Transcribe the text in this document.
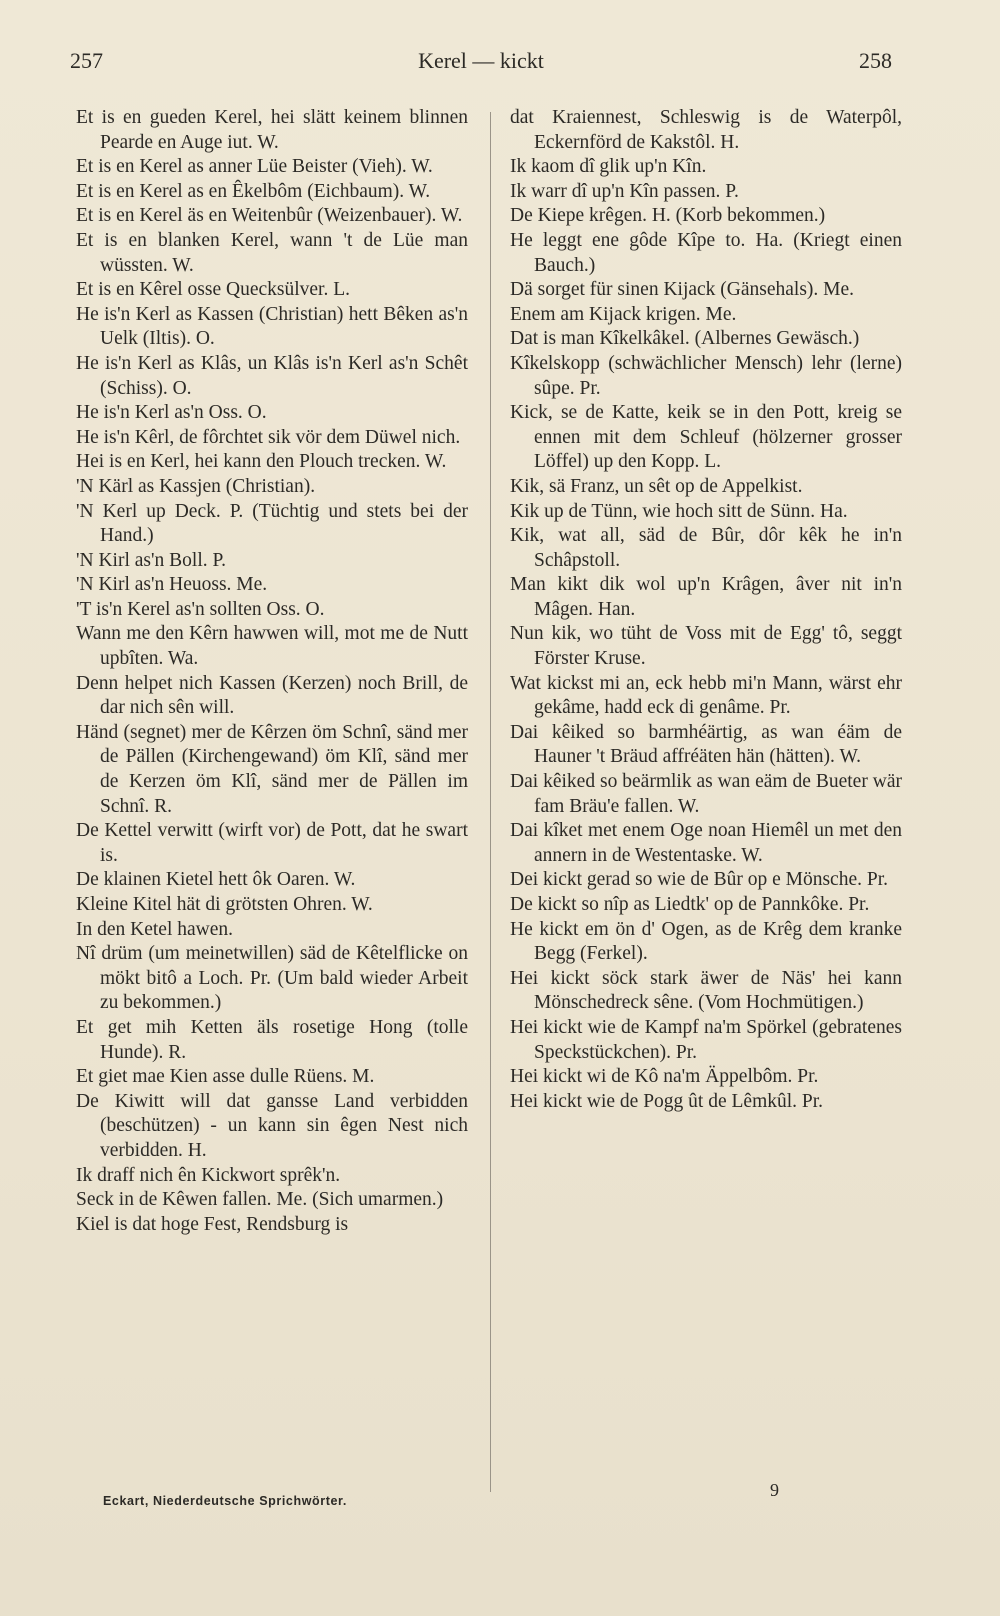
257	Kerel — kickt	258

Et is en gueden Kerel, hei slätt keinem blinnen Pearde en Auge iut. W.

Et is en Kerel as anner Lüe Beister (Vieh). W.

Et is en Kerel as en Êkelbôm (Eichbaum). W.

Et is en Kerel äs en Weitenbûr (Weizenbauer). W.

Et is en blanken Kerel, wann 't de Lüe man wüssten. W.

Et is en Kêrel osse Quecksülver. L.

He is'n Kerl as Kassen (Christian) hett Bêken as'n Uelk (Iltis). O.

He is'n Kerl as Klâs, un Klâs is'n Kerl as'n Schêt (Schiss). O.

He is'n Kerl as'n Oss. O.

He is'n Kêrl, de fôrchtet sik vör dem Düwel nich.

Hei is en Kerl, hei kann den Plouch trecken. W.

'N Kärl as Kassjen (Christian).

'N Kerl up Deck. P. (Tüchtig und stets bei der Hand.)

'N Kirl as'n Boll. P.

'N Kirl as'n Heuoss. Me.

'T is'n Kerel as'n sollten Oss. O.

Wann me den Kêrn hawwen will, mot me de Nutt upbîten. Wa.

Denn helpet nich Kassen (Kerzen) noch Brill, de dar nich sên will.

Händ (segnet) mer de Kêrzen öm Schnî, sänd mer de Pällen (Kirchengewand) öm Klî, sänd mer de Kerzen öm Klî, sänd mer de Pällen im Schnî. R.

De Kettel verwitt (wirft vor) de Pott, dat he swart is.

De klainen Kietel hett ôk Oaren. W.

Kleine Kitel hät di grötsten Ohren. W.

In den Ketel hawen.

Nî drüm (um meinetwillen) säd de Kêtelflicke on mökt bitô a Loch. Pr. (Um bald wieder Arbeit zu bekommen.)

Et get mih Ketten äls rosetige Hong (tolle Hunde). R.

Et giet mae Kien asse dulle Rüens. M.

De Kiwitt will dat gansse Land verbidden (beschützen) - un kann sin êgen Nest nich verbidden. H.

Ik draff nich ên Kickwort sprêk'n.

Seck in de Kêwen fallen. Me. (Sich umarmen.)

Kiel is dat hoge Fest, Rendsburg is

dat Kraiennest, Schleswig is de Waterpôl, Eckernförd de Kakstôl. H.

Ik kaom dî glik up'n Kîn.

Ik warr dî up'n Kîn passen. P.

De Kiepe krêgen. H. (Korb bekommen.)

He leggt ene gôde Kîpe to. Ha. (Kriegt einen Bauch.)

Dä sorget für sinen Kijack (Gänsehals). Me.

Enem am Kijack krigen. Me.

Dat is man Kîkelkâkel. (Albernes Gewäsch.)

Kîkelskopp (schwächlicher Mensch) lehr (lerne) sûpe. Pr.

Kick, se de Katte, keik se in den Pott, kreig se ennen mit dem Schleuf (hölzerner grosser Löffel) up den Kopp. L.

Kik, sä Franz, un sêt op de Appelkist.

Kik up de Tünn, wie hoch sitt de Sünn. Ha.

Kik, wat all, säd de Bûr, dôr kêk he in'n Schâpstoll.

Man kikt dik wol up'n Krâgen, âver nit in'n Mâgen. Han.

Nun kik, wo tüht de Voss mit de Egg' tô, seggt Förster Kruse.

Wat kickst mi an, eck hebb mi'n Mann, wärst ehr gekâme, hadd eck di genâme. Pr.

Dai kêiked so barmhéärtig, as wan éäm de Hauner 't Bräud affréäten hän (hätten). W.

Dai kêiked so beärmlik as wan eäm de Bueter wär fam Bräu'e fallen. W.

Dai kîket met enem Oge noan Hiemêl un met den annern in de Westentaske. W.

Dei kickt gerad so wie de Bûr op e Mönsche. Pr.

De kickt so nîp as Liedtk' op de Pannkôke. Pr.

He kickt em ön d' Ogen, as de Krêg dem kranke Begg (Ferkel).

Hei kickt söck stark äwer de Näs' hei kann Mönschedreck sêne. (Vom Hochmütigen.)

Hei kickt wie de Kampf na'm Spörkel (gebratenes Speckstückchen). Pr.

Hei kickt wi de Kô na'm Äppelbôm. Pr.

Hei kickt wie de Pogg ût de Lêmkûl. Pr.

Eckart, Niederdeutsche Sprichwörter.
9
